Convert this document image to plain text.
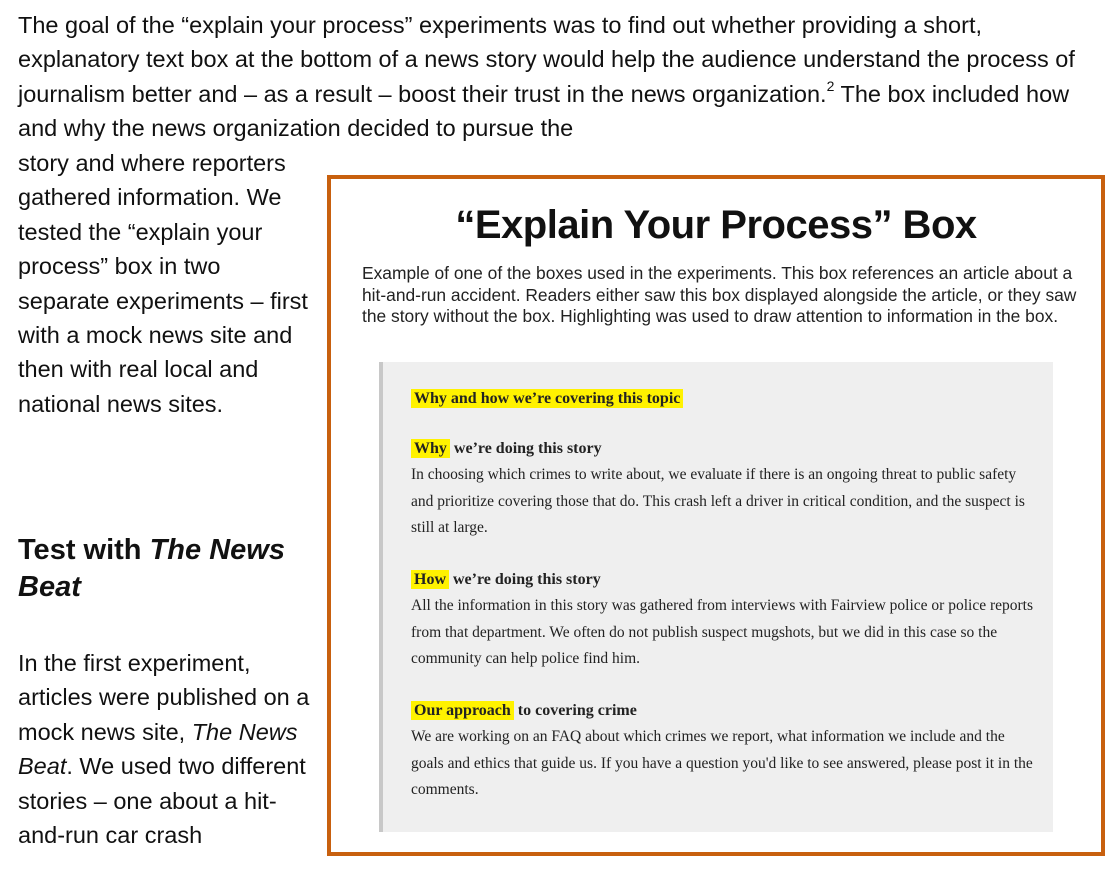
The goal of the “explain your process” experiments was to find out whether providing a short, explanatory text box at the bottom of a news story would help the audience understand the process of journalism better and – as a result – boost their trust in the news organization.$^2$ The box included how and why the news organization decided to pursue the

story and where reporters gathered information. We tested the “explain your process” box in two separate experiments – first with a mock news site and then with real local and national news sites.

Test with The News Beat

In the first experiment, articles were published on a mock news site, The News Beat. We used two different stories – one about a hit-and-run car crash

“Explain Your Process” Box

Example of one of the boxes used in the experiments. This box references an article about a hit-and-run accident. Readers either saw this box displayed alongside the article, or they saw the story without the box. Highlighting was used to draw attention to information in the box.

Why and how we’re covering this topic

Why we’re doing this story

In choosing which crimes to write about, we evaluate if there is an ongoing threat to public safety and prioritize covering those that do. This crash left a driver in critical condition, and the suspect is still at large.

How we’re doing this story

All the information in this story was gathered from interviews with Fairview police or police reports from that department. We often do not publish suspect mugshots, but we did in this case so the community can help police find him.

Our approach to covering crime

We are working on an FAQ about which crimes we report, what information we include and the goals and ethics that guide us. If you have a question you'd like to see answered, please post it in the comments.
